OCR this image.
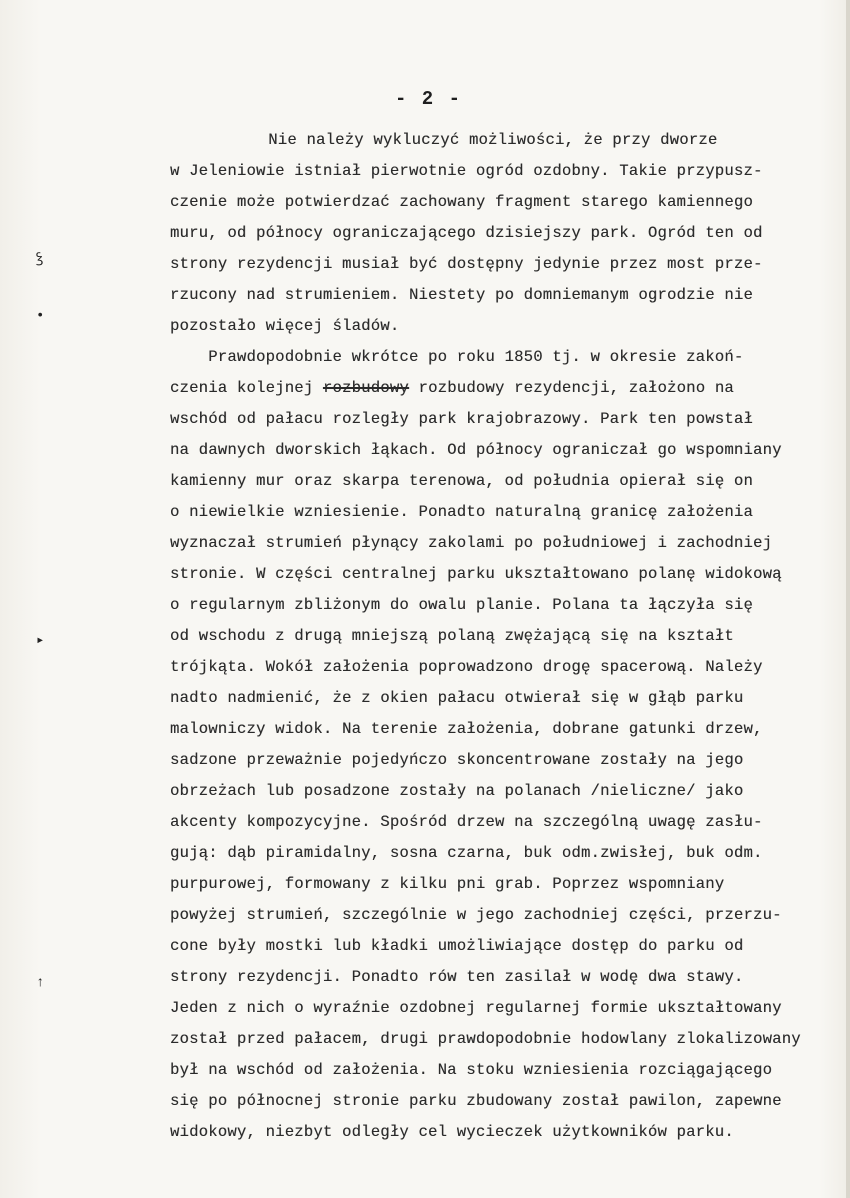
ꝣ
•
▸
↑
- 2 -
Nie należy wykluczyć możliwości, że przy dworze
w Jeleniowie istniał pierwotnie ogród ozdobny. Takie przypusz-
czenie może potwierdzać zachowany fragment starego kamiennego
muru, od północy ograniczającego dzisiejszy park. Ogród ten od
strony rezydencji musiał być dostępny jedynie przez most prze-
rzucony nad strumieniem. Niestety po domniemanym ogrodzie nie
pozostało więcej śladów.
Prawdopodobnie wkrótce po roku 1850 tj. w okresie zakoń-
czenia kolejnej rozbudowy rozbudowy rezydencji, założono na
wschód od pałacu rozległy park krajobrazowy. Park ten powstał
na dawnych dworskich łąkach. Od północy ograniczał go wspomniany
kamienny mur oraz skarpa terenowa, od południa opierał się on
o niewielkie wzniesienie. Ponadto naturalną granicę założenia
wyznaczał strumień płynący zakolami po południowej i zachodniej
stronie. W części centralnej parku ukształtowano polanę widokową
o regularnym zbliżonym do owalu planie. Polana ta łączyła się
od wschodu z drugą mniejszą polaną zwężającą się na kształt
trójkąta. Wokół założenia poprowadzono drogę spacerową. Należy
nadto nadmienić, że z okien pałacu otwierał się w głąb parku
malowniczy widok. Na terenie założenia, dobrane gatunki drzew,
sadzone przeważnie pojedyńczo skoncentrowane zostały na jego
obrzeżach lub posadzone zostały na polanach /nieliczne/ jako
akcenty kompozycyjne. Spośród drzew na szczególną uwagę zasłu-
gują: dąb piramidalny, sosna czarna, buk odm.zwisłej, buk odm.
purpurowej, formowany z kilku pni grab. Poprzez wspomniany
powyżej strumień, szczególnie w jego zachodniej części, przerzu-
cone były mostki lub kładki umożliwiające dostęp do parku od
strony rezydencji. Ponadto rów ten zasilał w wodę dwa stawy.
Jeden z nich o wyraźnie ozdobnej regularnej formie ukształtowany
został przed pałacem, drugi prawdopodobnie hodowlany zlokalizowany
był na wschód od założenia. Na stoku wzniesienia rozciągającego
się po północnej stronie parku zbudowany został pawilon, zapewne
widokowy, niezbyt odległy cel wycieczek użytkowników parku.
